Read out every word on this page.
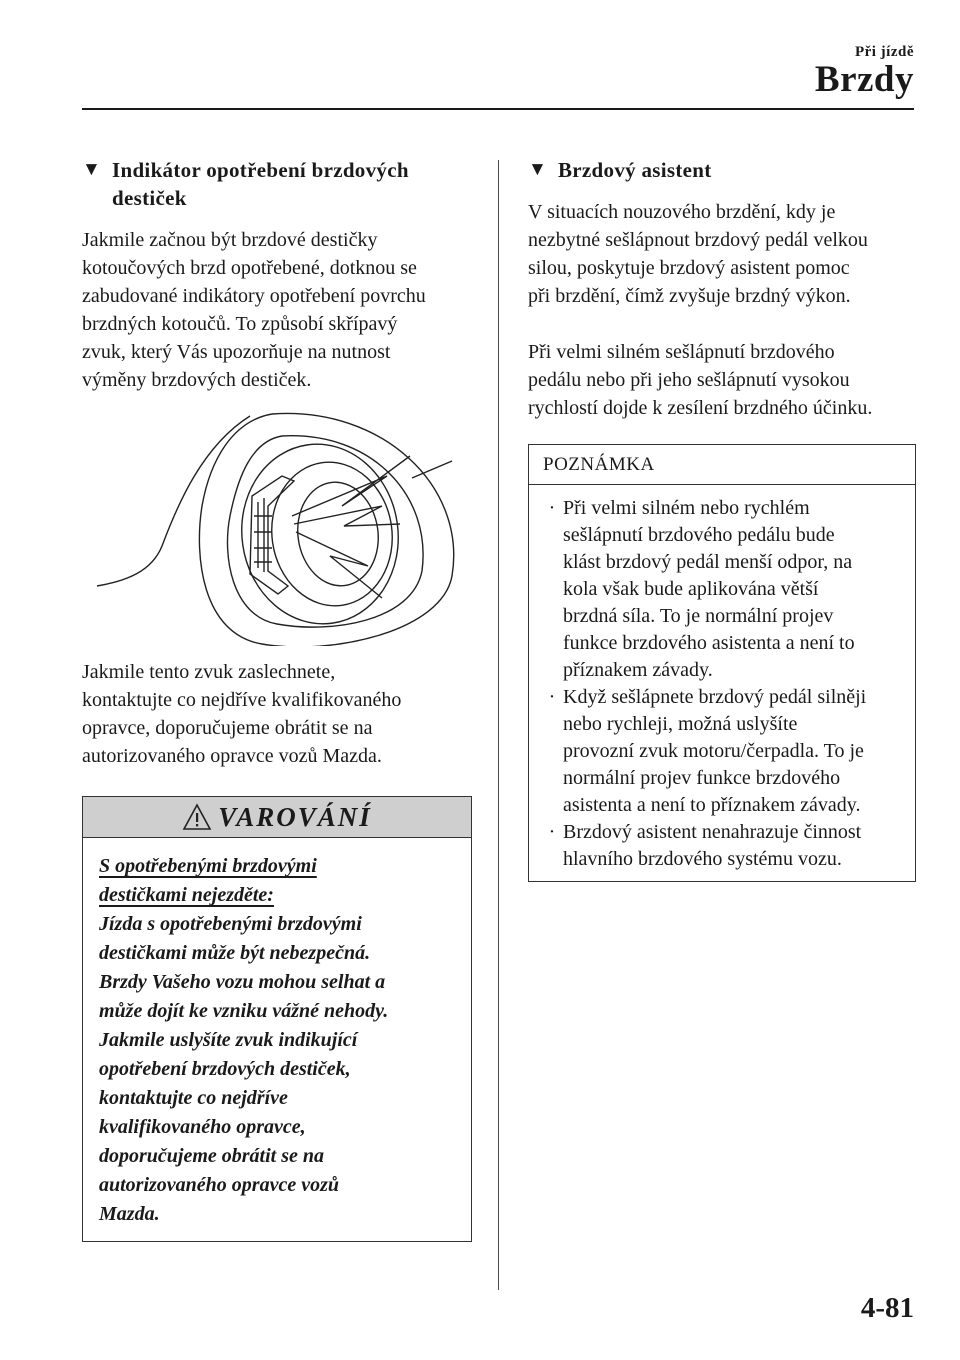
Při jízdě
Brzdy
▼ Indikátor opotřebení brzdových
destiček

Jakmile začnou být brzdové destičky
kotoučových brzd opotřebené, dotknou se
zabudované indikátory opotřebení povrchu
brzdných kotoučů. To způsobí skřípavý
zvuk, který Vás upozorňuje na nutnost
výměny brzdových destiček.

Jakmile tento zvuk zaslechnete,
kontaktujte co nejdříve kvalifikovaného
opravce, doporučujeme obrátit se na
autorizovaného opravce vozů Mazda.

VAROVÁNÍ

S opotřebenými brzdovými
destičkami nejezděte:

Jízda s opotřebenými brzdovými
destičkami může být nebezpečná.
Brzdy Vašeho vozu mohou selhat a
může dojít ke vzniku vážné nehody.
Jakmile uslyšíte zvuk indikující
opotřebení brzdových destiček,
kontaktujte co nejdříve
kvalifikovaného opravce,
doporučujeme obrátit se na
autorizovaného opravce vozů
Mazda.

▼ Brzdový asistent

V situacích nouzového brzdění, kdy je
nezbytné sešlápnout brzdový pedál velkou
silou, poskytuje brzdový asistent pomoc
při brzdění, čímž zvyšuje brzdný výkon.

Při velmi silném sešlápnutí brzdového
pedálu nebo při jeho sešlápnutí vysokou
rychlostí dojde k zesílení brzdného účinku.

POZNÁMKA
· Při velmi silném nebo rychlém
sešlápnutí brzdového pedálu bude
klást brzdový pedál menší odpor, na
kola však bude aplikována větší
brzdná síla. To je normální projev
funkce brzdového asistenta a není to
příznakem závady.
· Když sešlápnete brzdový pedál silněji
nebo rychleji, možná uslyšíte
provozní zvuk motoru/čerpadla. To je
normální projev funkce brzdového
asistenta a není to příznakem závady.
· Brzdový asistent nenahrazuje činnost
hlavního brzdového systému vozu.
4-81
